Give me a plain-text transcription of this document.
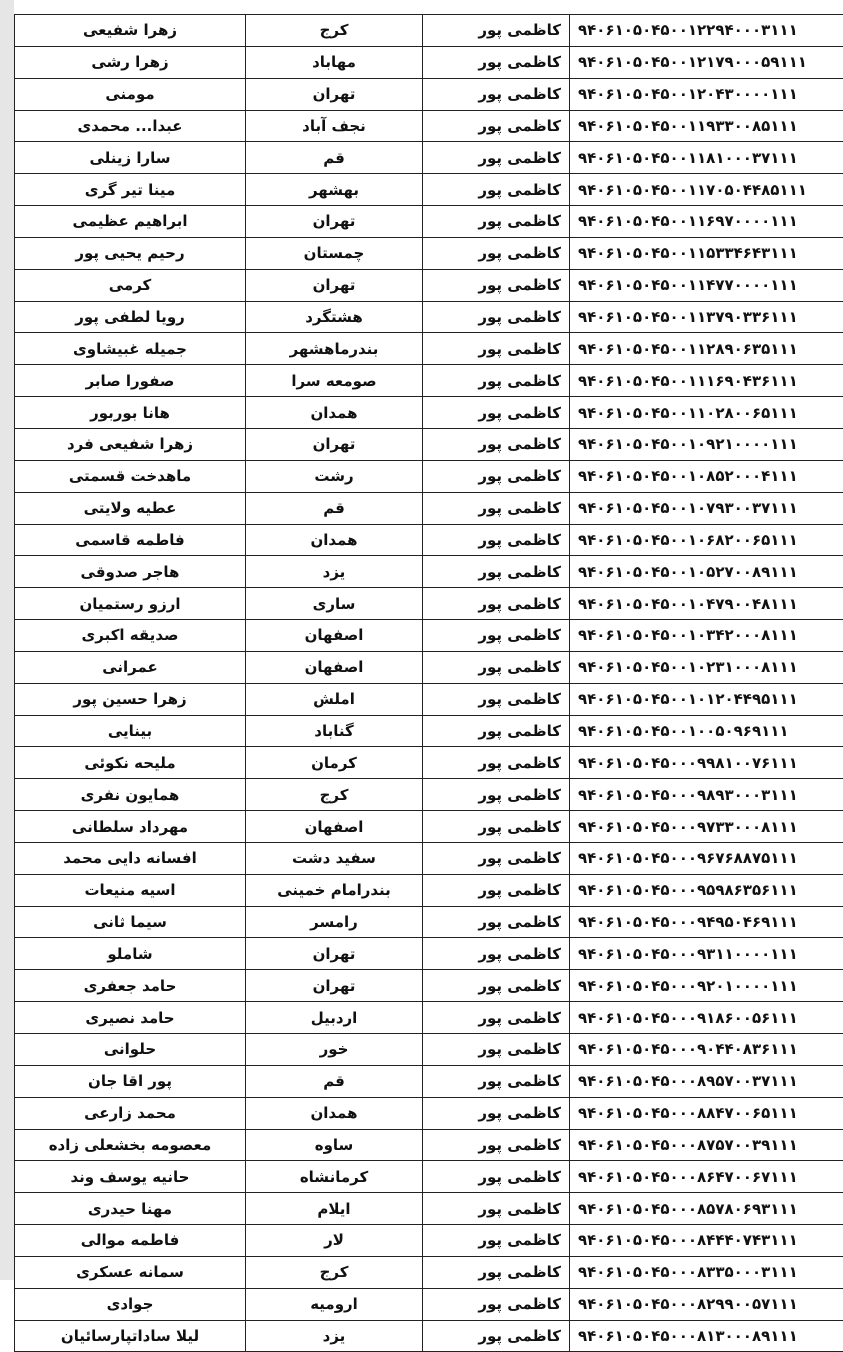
زهرا شفیعی	کرج	کاظمی پور	۹۴۰۶۱۰۵۰۴۵۰۰۱۲۲۹۴۰۰۰۳۱۱۱
زهرا رشی	مهاباد	کاظمی پور	۹۴۰۶۱۰۵۰۴۵۰۰۱۲۱۷۹۰۰۰۵۹۱۱۱
مومنی	تهران	کاظمی پور	۹۴۰۶۱۰۵۰۴۵۰۰۱۲۰۴۳۰۰۰۰۱۱۱
عبدا... محمدی	نجف آباد	کاظمی پور	۹۴۰۶۱۰۵۰۴۵۰۰۱۱۹۳۳۰۰۸۵۱۱۱
سارا زینلی	قم	کاظمی پور	۹۴۰۶۱۰۵۰۴۵۰۰۱۱۸۱۰۰۰۳۷۱۱۱
مینا تیر گری	بهشهر	کاظمی پور	۹۴۰۶۱۰۵۰۴۵۰۰۱۱۷۰۵۰۴۴۸۵۱۱۱
ابراهیم عظیمی	تهران	کاظمی پور	۹۴۰۶۱۰۵۰۴۵۰۰۱۱۶۹۷۰۰۰۰۱۱۱
رحیم یحیی پور	چمستان	کاظمی پور	۹۴۰۶۱۰۵۰۴۵۰۰۱۱۵۳۳۴۶۴۳۱۱۱
کرمی	تهران	کاظمی پور	۹۴۰۶۱۰۵۰۴۵۰۰۱۱۴۷۷۰۰۰۰۱۱۱
رویا لطفی پور	هشتگرد	کاظمی پور	۹۴۰۶۱۰۵۰۴۵۰۰۱۱۳۷۹۰۳۳۶۱۱۱
جمیله غبیشاوی	بندرماهشهر	کاظمی پور	۹۴۰۶۱۰۵۰۴۵۰۰۱۱۲۸۹۰۶۳۵۱۱۱
صفورا صابر	صومعه سرا	کاظمی پور	۹۴۰۶۱۰۵۰۴۵۰۰۱۱۱۶۹۰۴۳۶۱۱۱
هانا بوربور	همدان	کاظمی پور	۹۴۰۶۱۰۵۰۴۵۰۰۱۱۰۲۸۰۰۶۵۱۱۱
زهرا شفیعی فرد	تهران	کاظمی پور	۹۴۰۶۱۰۵۰۴۵۰۰۱۰۹۲۱۰۰۰۰۱۱۱
ماهدخت قسمتی	رشت	کاظمی پور	۹۴۰۶۱۰۵۰۴۵۰۰۱۰۸۵۲۰۰۰۴۱۱۱
عطیه ولایتی	قم	کاظمی پور	۹۴۰۶۱۰۵۰۴۵۰۰۱۰۷۹۳۰۰۳۷۱۱۱
فاطمه قاسمی	همدان	کاظمی پور	۹۴۰۶۱۰۵۰۴۵۰۰۱۰۶۸۲۰۰۶۵۱۱۱
هاجر صدوقی	یزد	کاظمی پور	۹۴۰۶۱۰۵۰۴۵۰۰۱۰۵۲۷۰۰۸۹۱۱۱
ارزو رستمیان	ساری	کاظمی پور	۹۴۰۶۱۰۵۰۴۵۰۰۱۰۴۷۹۰۰۴۸۱۱۱
صدیقه اکبری	اصفهان	کاظمی پور	۹۴۰۶۱۰۵۰۴۵۰۰۱۰۳۴۲۰۰۰۸۱۱۱
عمرانی	اصفهان	کاظمی پور	۹۴۰۶۱۰۵۰۴۵۰۰۱۰۲۳۱۰۰۰۸۱۱۱
زهرا حسین پور	املش	کاظمی پور	۹۴۰۶۱۰۵۰۴۵۰۰۱۰۱۲۰۴۴۹۵۱۱۱
بینایی	گناباد	کاظمی پور	۹۴۰۶۱۰۵۰۴۵۰۰۱۰۰۵۰۹۶۹۱۱۱
ملیحه نکوئی	کرمان	کاظمی پور	۹۴۰۶۱۰۵۰۴۵۰۰۰۹۹۸۱۰۰۷۶۱۱۱
همایون نفری	کرج	کاظمی پور	۹۴۰۶۱۰۵۰۴۵۰۰۰۹۸۹۳۰۰۰۳۱۱۱
مهرداد سلطانی	اصفهان	کاظمی پور	۹۴۰۶۱۰۵۰۴۵۰۰۰۹۷۳۳۰۰۰۸۱۱۱
افسانه دایی محمد	سفید دشت	کاظمی پور	۹۴۰۶۱۰۵۰۴۵۰۰۰۹۶۷۶۸۸۷۵۱۱۱
اسیه منیعات	بندرامام خمینی	کاظمی پور	۹۴۰۶۱۰۵۰۴۵۰۰۰۹۵۹۸۶۳۵۶۱۱۱
سیما ثانی	رامسر	کاظمی پور	۹۴۰۶۱۰۵۰۴۵۰۰۰۹۴۹۵۰۴۶۹۱۱۱
شاملو	تهران	کاظمی پور	۹۴۰۶۱۰۵۰۴۵۰۰۰۹۳۱۱۰۰۰۰۱۱۱
حامد جعفری	تهران	کاظمی پور	۹۴۰۶۱۰۵۰۴۵۰۰۰۹۲۰۱۰۰۰۰۱۱۱
حامد نصیری	اردبیل	کاظمی پور	۹۴۰۶۱۰۵۰۴۵۰۰۰۹۱۸۶۰۰۵۶۱۱۱
حلوانی	خور	کاظمی پور	۹۴۰۶۱۰۵۰۴۵۰۰۰۹۰۴۴۰۸۳۶۱۱۱
پور اقا جان	قم	کاظمی پور	۹۴۰۶۱۰۵۰۴۵۰۰۰۸۹۵۷۰۰۳۷۱۱۱
محمد زارعی	همدان	کاظمی پور	۹۴۰۶۱۰۵۰۴۵۰۰۰۸۸۴۷۰۰۶۵۱۱۱
معصومه بخشعلی زاده	ساوه	کاظمی پور	۹۴۰۶۱۰۵۰۴۵۰۰۰۸۷۵۷۰۰۳۹۱۱۱
حانیه یوسف وند	کرمانشاه	کاظمی پور	۹۴۰۶۱۰۵۰۴۵۰۰۰۸۶۴۷۰۰۶۷۱۱۱
مهنا حیدری	ایلام	کاظمی پور	۹۴۰۶۱۰۵۰۴۵۰۰۰۸۵۷۸۰۶۹۳۱۱۱
فاطمه موالی	لار	کاظمی پور	۹۴۰۶۱۰۵۰۴۵۰۰۰۸۴۴۴۰۷۴۳۱۱۱
سمانه عسکری	کرج	کاظمی پور	۹۴۰۶۱۰۵۰۴۵۰۰۰۸۳۳۵۰۰۰۳۱۱۱
جوادی	ارومیه	کاظمی پور	۹۴۰۶۱۰۵۰۴۵۰۰۰۸۲۹۹۰۰۵۷۱۱۱
لیلا ساداتپارسائیان	یزد	کاظمی پور	۹۴۰۶۱۰۵۰۴۵۰۰۰۸۱۳۰۰۰۸۹۱۱۱
